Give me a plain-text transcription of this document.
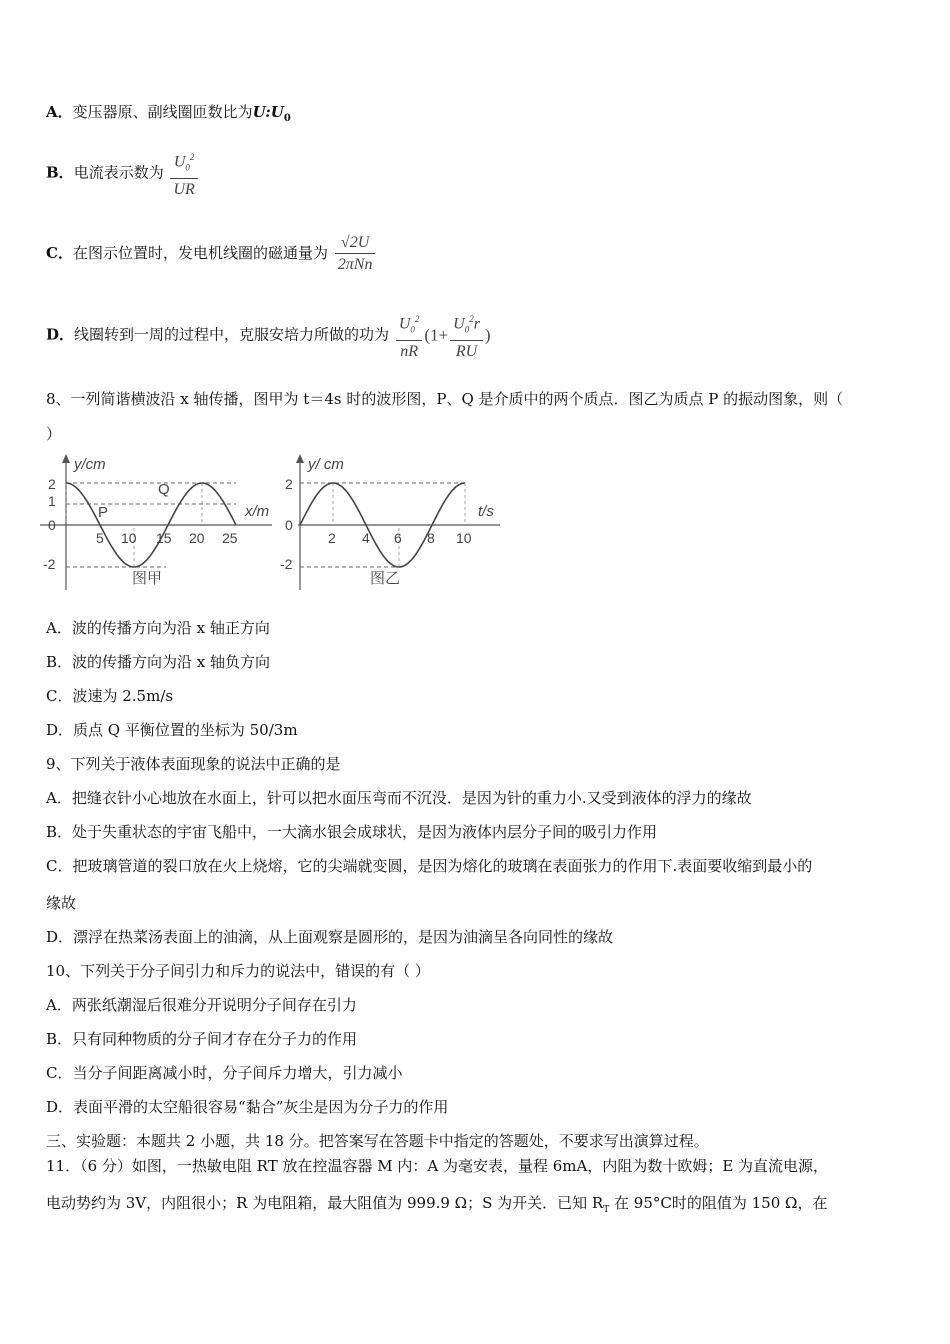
A．变压器原、副线圈匝数比为$U:U_0$
B．电流表示数为 $\frac{U_0^2}{UR}$
C．在图示位置时，发电机线圈的磁通量为 $\frac{√2U}{\text{2πNn}}$
D．线圈转到一周的过程中，克服安培力所做的功为 $\frac{U_0^2}{nR} (1+ \frac{U_0^2r}{RU}$ )
8、一列简谐横波沿 x 轴传播，图甲为 t＝4s 时的波形图，P、Q 是介质中的两个质点．图乙为质点 P 的振动图象，则（
）
y/cm
x/m
2
1
0
-2
5 10 15 20 25
P
Q
图甲
y/ cm
t/s
2
0
-2
2 4 6 8 10
图乙
A．波的传播方向为沿 x 轴正方向
B．波的传播方向为沿 x 轴负方向
C．波速为 2.5m/s
D．质点 Q 平衡位置的坐标为 50/3m
9、下列关于液体表面现象的说法中正确的是
A．把缝衣针小心地放在水面上，针可以把水面压弯而不沉没．是因为针的重力小.又受到液体的浮力的缘故
B．处于失重状态的宇宙飞船中，一大滴水银会成球状，是因为液体内层分子间的吸引力作用
C．把玻璃管道的裂口放在火上烧熔，它的尖端就变圆，是因为熔化的玻璃在表面张力的作用下.表面要收缩到最小的
缘故
D．漂浮在热菜汤表面上的油滴，从上面观察是圆形的，是因为油滴呈各向同性的缘故
10、下列关于分子间引力和斥力的说法中，错误的有（ ）
A．两张纸潮湿后很难分开说明分子间存在引力
B．只有同种物质的分子间才存在分子力的作用
C．当分子间距离减小时，分子间斥力增大，引力减小
D．表面平滑的太空船很容易“黏合”灰尘是因为分子力的作用
三、实验题：本题共 2 小题，共 18 分。把答案写在答题卡中指定的答题处，不要求写出演算过程。
11．（6 分）如图，一热敏电阻 RT 放在控温容器 M 内：A 为毫安表，量程 6mA，内阻为数十欧姆；E 为直流电源，
电动势约为 3V，内阻很小；R 为电阻箱，最大阻值为 999.9 Ω；S 为开关．已知 $R_T$ 在 95°C时的阻值为 150 Ω，在
